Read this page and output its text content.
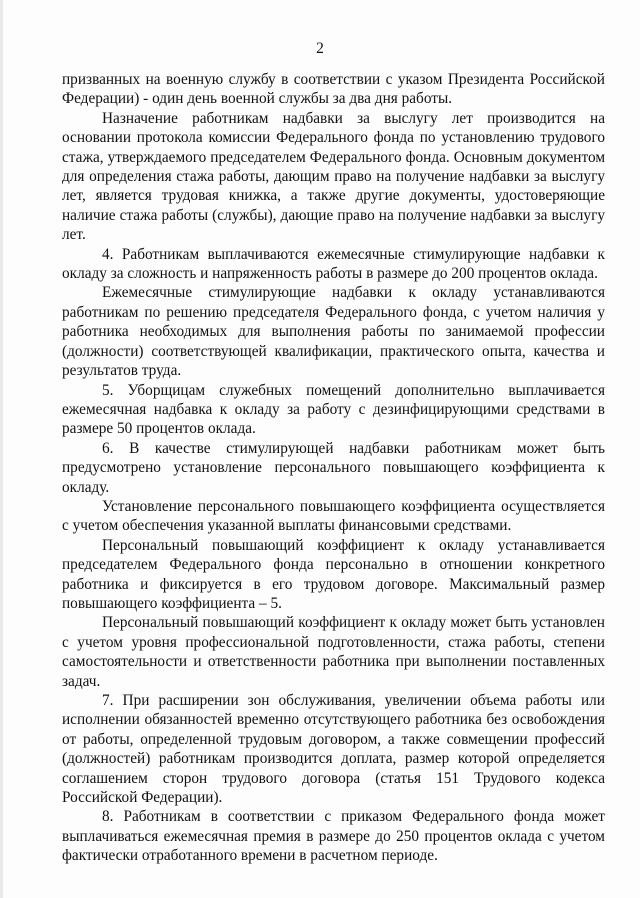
2

призванных на военную службу в соответствии с указом Президента Российской Федерации) - один день военной службы за два дня работы.

Назначение работникам надбавки за выслугу лет производится на основании протокола комиссии Федерального фонда по установлению трудового стажа, утверждаемого председателем Федерального фонда. Основным документом для определения стажа работы, дающим право на получение надбавки за выслугу лет, является трудовая книжка, а также другие документы, удостоверяющие наличие стажа работы (службы), дающие право на получение надбавки за выслугу лет.

4. Работникам выплачиваются ежемесячные стимулирующие надбавки к окладу за сложность и напряженность работы в размере до 200 процентов оклада.

Ежемесячные стимулирующие надбавки к окладу устанавливаются работникам по решению председателя Федерального фонда, с учетом наличия у работника необходимых для выполнения работы по занимаемой профессии (должности) соответствующей квалификации, практического опыта, качества и результатов труда.

5. Уборщицам служебных помещений дополнительно выплачивается ежемесячная надбавка к окладу за работу с дезинфицирующими средствами в размере 50 процентов оклада.

6. В качестве стимулирующей надбавки работникам может быть предусмотрено установление персонального повышающего коэффициента к окладу.

Установление персонального повышающего коэффициента осуществляется с учетом обеспечения указанной выплаты финансовыми средствами.

Персональный повышающий коэффициент к окладу устанавливается председателем Федерального фонда персонально в отношении конкретного работника и фиксируется в его трудовом договоре. Максимальный размер повышающего коэффициента – 5.

Персональный повышающий коэффициент к окладу может быть установлен с учетом уровня профессиональной подготовленности, стажа работы, степени самостоятельности и ответственности работника при выполнении поставленных задач.

7. При расширении зон обслуживания, увеличении объема работы или исполнении обязанностей временно отсутствующего работника без освобождения от работы, определенной трудовым договором, а также совмещении профессий (должностей) работникам производится доплата, размер которой определяется соглашением сторон трудового договора (статья 151 Трудового кодекса Российской Федерации).

8. Работникам в соответствии с приказом Федерального фонда может выплачиваться ежемесячная премия в размере до 250 процентов оклада с учетом фактически отработанного времени в расчетном периоде.
